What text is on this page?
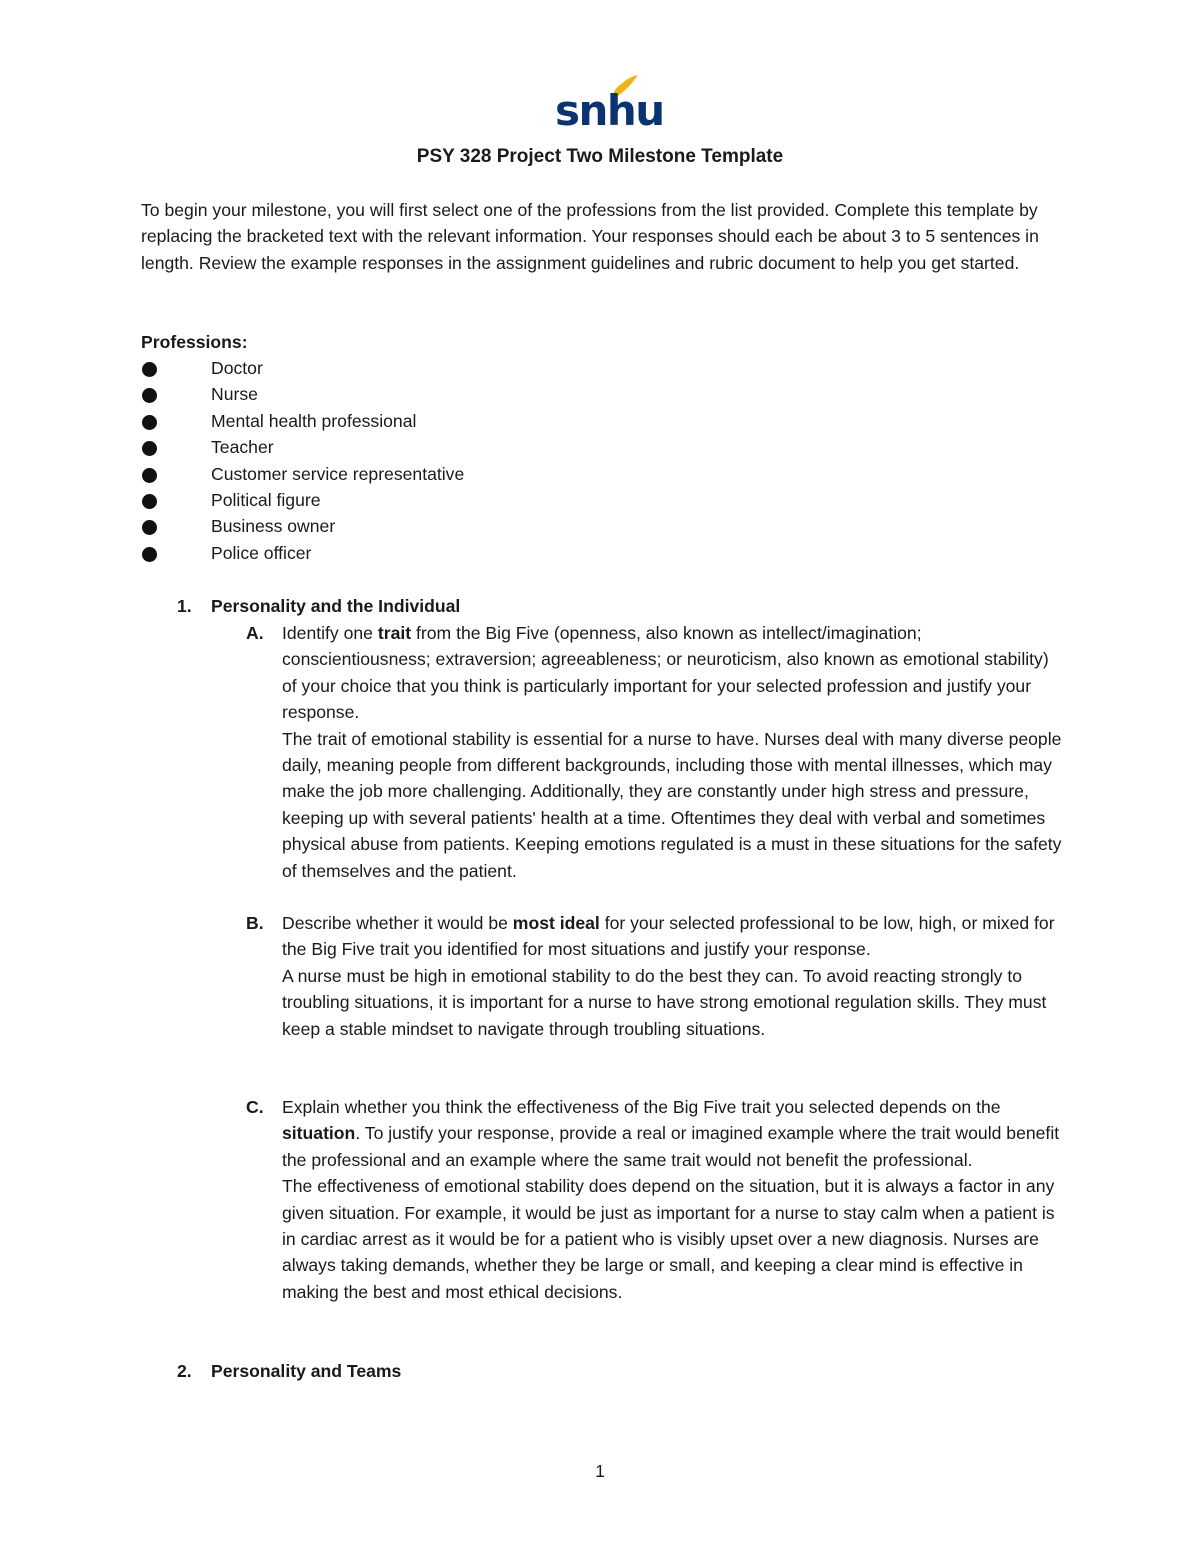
snhu
PSY 328 Project Two Milestone Template

To begin your milestone, you will first select one of the professions from the list provided. Complete this template by replacing the bracketed text with the relevant information. Your responses should each be about 3 to 5 sentences in length. Review the example responses in the assignment guidelines and rubric document to help you get started.

Professions:

Doctor
Nurse
Mental health professional
Teacher
Customer service representative
Political figure
Business owner
Police officer
1. Personality and the Individual
A. Identify one trait from the Big Five (openness, also known as intellect/imagination; conscientiousness; extraversion; agreeableness; or neuroticism, also known as emotional stability) of your choice that you think is particularly important for your selected profession and justify your response.

The trait of emotional stability is essential for a nurse to have. Nurses deal with many diverse people daily, meaning people from different backgrounds, including those with mental illnesses, which may make the job more challenging. Additionally, they are constantly under high stress and pressure, keeping up with several patients' health at a time. Oftentimes they deal with verbal and sometimes physical abuse from patients. Keeping emotions regulated is a must in these situations for the safety of themselves and the patient.

B. Describe whether it would be most ideal for your selected professional to be low, high, or mixed for the Big Five trait you identified for most situations and justify your response.

A nurse must be high in emotional stability to do the best they can. To avoid reacting strongly to troubling situations, it is important for a nurse to have strong emotional regulation skills. They must keep a stable mindset to navigate through troubling situations.

C. Explain whether you think the effectiveness of the Big Five trait you selected depends on the situation. To justify your response, provide a real or imagined example where the trait would benefit the professional and an example where the same trait would not benefit the professional.

The effectiveness of emotional stability does depend on the situation, but it is always a factor in any given situation. For example, it would be just as important for a nurse to stay calm when a patient is in cardiac arrest as it would be for a patient who is visibly upset over a new diagnosis. Nurses are always taking demands, whether they be large or small, and keeping a clear mind is effective in making the best and most ethical decisions.

2. Personality and Teams
1
